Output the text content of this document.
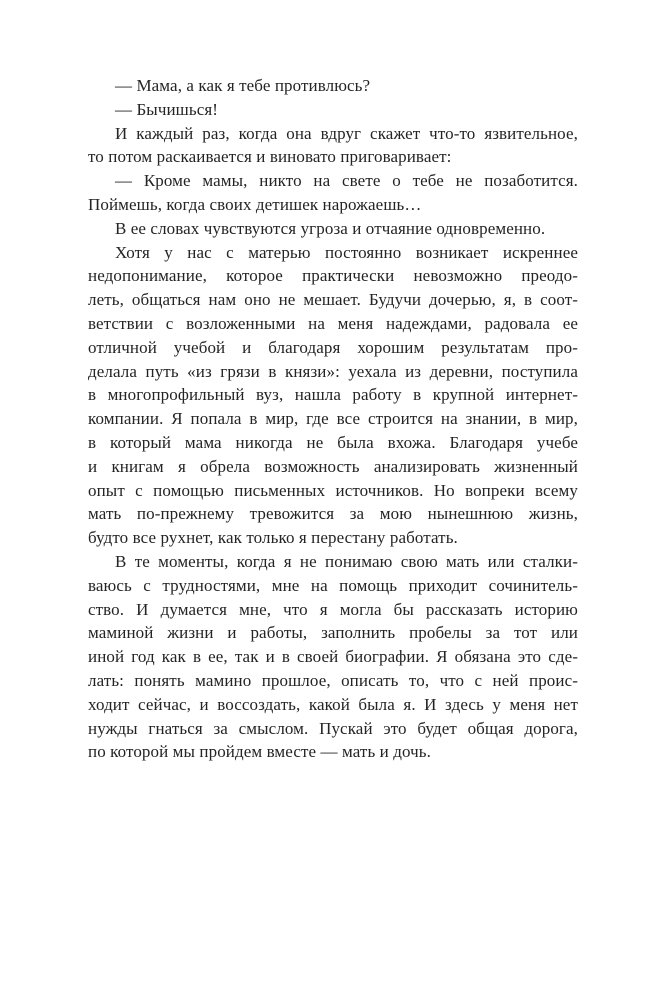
— Мама, а как я тебе противлюсь?
— Бычишься!
И каждый раз, когда она вдруг скажет что-то язвительное,
то потом раскаивается и виновато приговаривает:
— Кроме мамы, никто на свете о тебе не позаботится.
Поймешь, когда своих детишек нарожаешь…
В ее словах чувствуются угроза и отчаяние одновременно.
Хотя у нас с матерью постоянно возникает искреннее
недопонимание, которое практически невозможно преодо-
леть, общаться нам оно не мешает. Будучи дочерью, я, в соот-
ветствии с возложенными на меня надеждами, радовала ее
отличной учебой и благодаря хорошим результатам про-
делала путь «из грязи в князи»: уехала из деревни, поступила
в многопрофильный вуз, нашла работу в крупной интернет-
компании. Я попала в мир, где все строится на знании, в мир,
в который мама никогда не была вхожа. Благодаря учебе
и книгам я обрела возможность анализировать жизненный
опыт с помощью письменных источников. Но вопреки всему
мать по-прежнему тревожится за мою нынешнюю жизнь,
будто все рухнет, как только я перестану работать.
В те моменты, когда я не понимаю свою мать или сталки-
ваюсь с трудностями, мне на помощь приходит сочинитель-
ство. И думается мне, что я могла бы рассказать историю
маминой жизни и работы, заполнить пробелы за тот или
иной год как в ее, так и в своей биографии. Я обязана это сде-
лать: понять мамино прошлое, описать то, что с ней проис-
ходит сейчас, и воссоздать, какой была я. И здесь у меня нет
нужды гнаться за смыслом. Пускай это будет общая дорога,
по которой мы пройдем вместе — мать и дочь.
